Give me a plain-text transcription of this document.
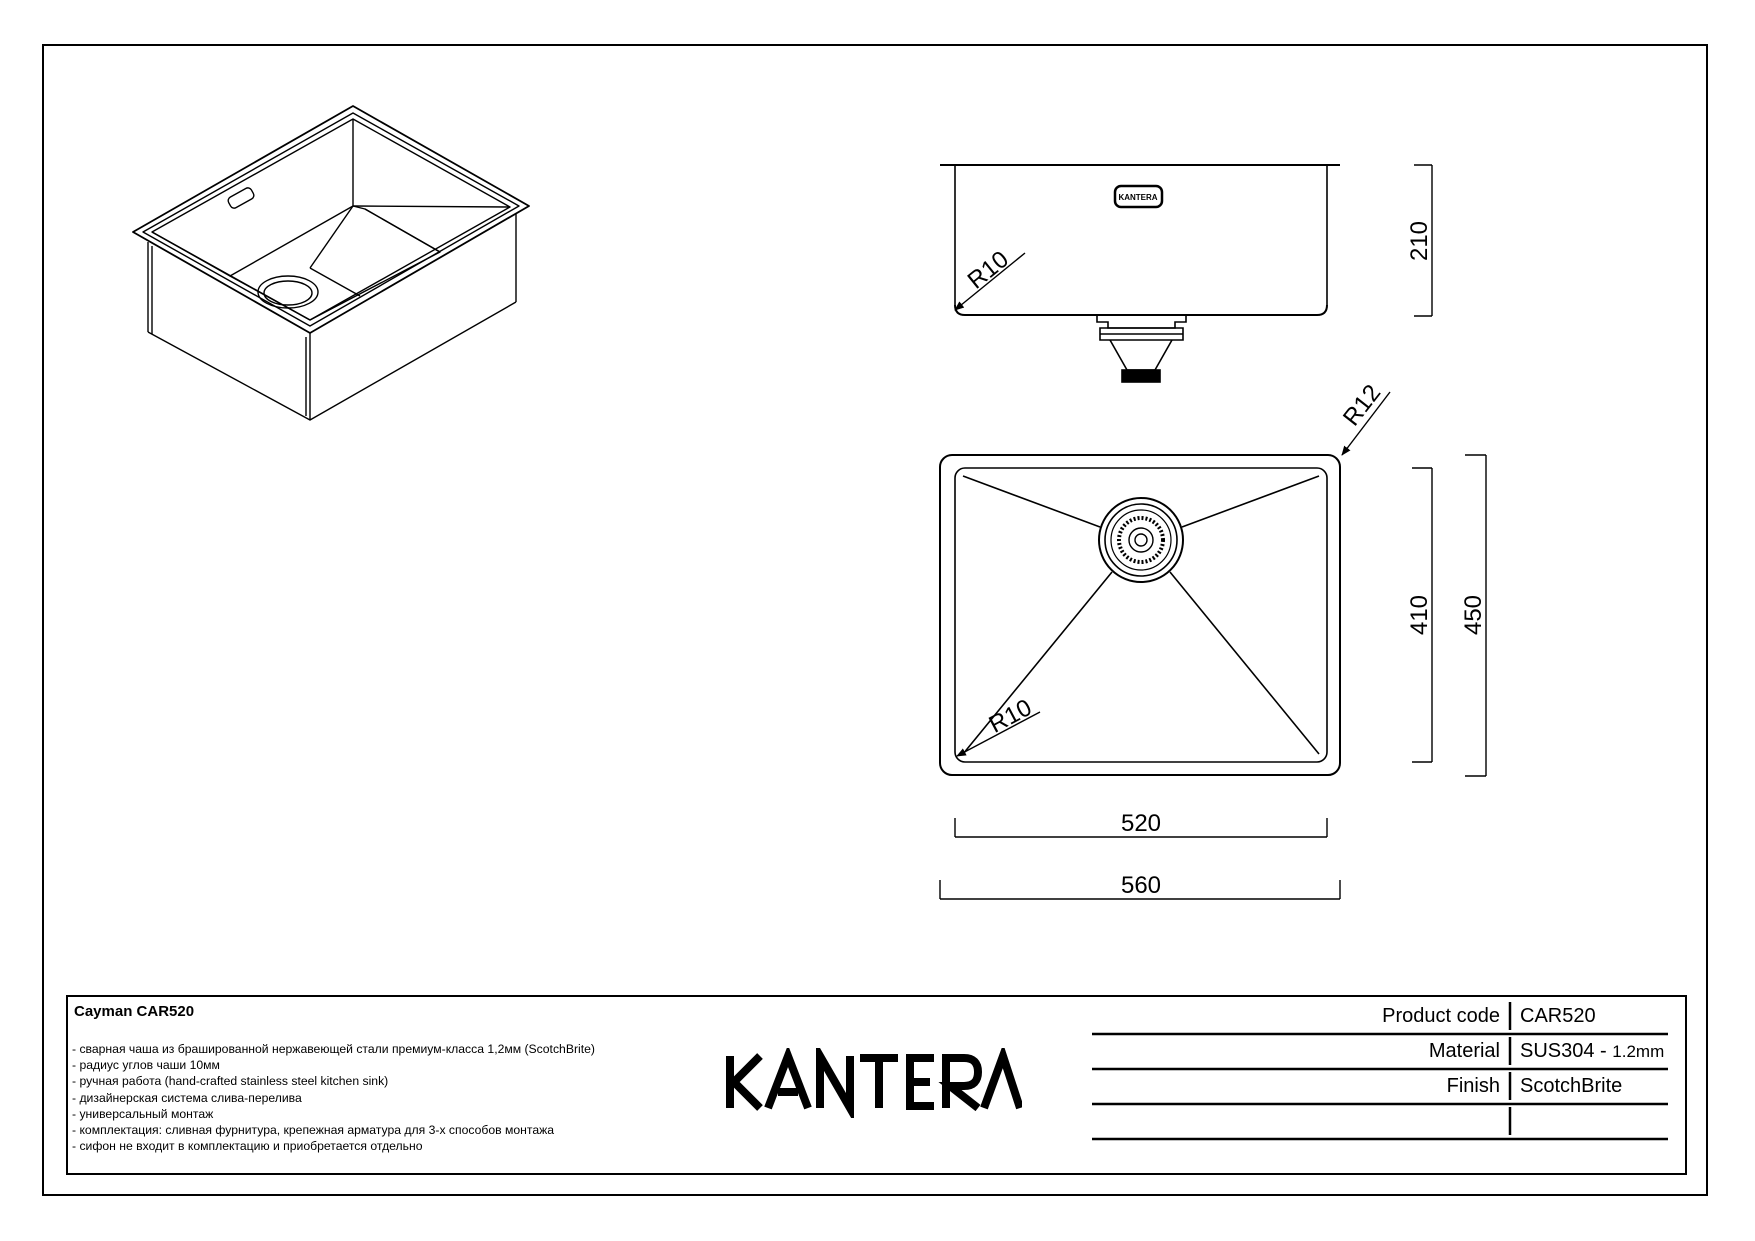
210
R10
R12
R10
410 450
520
560
KANTERA
Cayman CAR520
- сварная чаша из брашированной нержавеющей стали премиум-класса 1,2мм (ScotchBrite)
- радиус углов чаши 10мм
- ручная работа (hand-crafted stainless steel kitchen sink)
- дизайнерская система слива-перелива
- универсальный монтаж
- комплектация: сливная фурнитура, крепежная арматура для 3-х способов монтажа
- сифон не входит в комплектацию и приобретается отдельно
Product code CAR520
Material SUS304 - 1.2mm
Finish ScotchBrite
